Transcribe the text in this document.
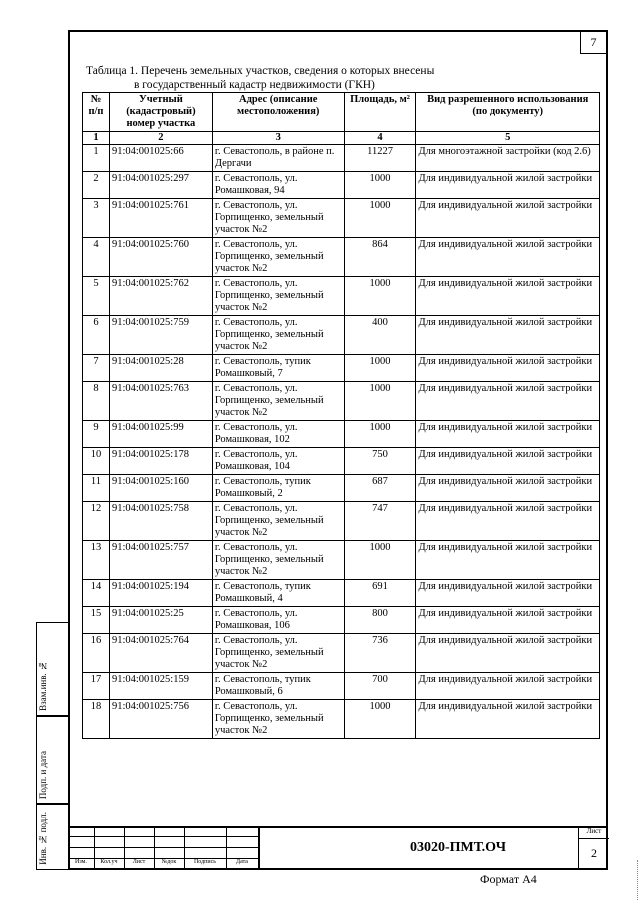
7
Таблица 1. Перечень земельных участков, сведения о которых внесены
в государственный кадастр недвижимости (ГКН)
№ п/п	Учетный (кадастровый) номер участка	Адрес (описание местоположения)	Площадь, м²	Вид разрешенного использования (по документу)
1	2	3	4	5
1	91:04:001025:66	г. Севастополь, в районе п. Дергачи	11227	Для многоэтажной застройки (код 2.6)
2	91:04:001025:297	г. Севастополь, ул. Ромашковая, 94	1000	Для индивидуальной жилой застройки
3	91:04:001025:761	г. Севастополь, ул. Горпищенко, земельный участок №2	1000	Для индивидуальной жилой застройки
4	91:04:001025:760	г. Севастополь, ул. Горпищенко, земельный участок №2	864	Для индивидуальной жилой застройки
5	91:04:001025:762	г. Севастополь, ул. Горпищенко, земельный участок №2	1000	Для индивидуальной жилой застройки
6	91:04:001025:759	г. Севастополь, ул. Горпищенко, земельный участок №2	400	Для индивидуальной жилой застройки
7	91:04:001025:28	г. Севастополь, тупик Ромашковый, 7	1000	Для индивидуальной жилой застройки
8	91:04:001025:763	г. Севастополь, ул. Горпищенко, земельный участок №2	1000	Для индивидуальной жилой застройки
9	91:04:001025:99	г. Севастополь, ул. Ромашковая, 102	1000	Для индивидуальной жилой застройки
10	91:04:001025:178	г. Севастополь, ул. Ромашковая, 104	750	Для индивидуальной жилой застройки
11	91:04:001025:160	г. Севастополь, тупик Ромашковый, 2	687	Для индивидуальной жилой застройки
12	91:04:001025:758	г. Севастополь, ул. Горпищенко, земельный участок №2	747	Для индивидуальной жилой застройки
13	91:04:001025:757	г. Севастополь, ул. Горпищенко, земельный участок №2	1000	Для индивидуальной жилой застройки
14	91:04:001025:194	г. Севастополь, тупик Ромашковый, 4	691	Для индивидуальной жилой застройки
15	91:04:001025:25	г. Севастополь, ул. Ромашковая, 106	800	Для индивидуальной жилой застройки
16	91:04:001025:764	г. Севастополь, ул. Горпищенко, земельный участок №2	736	Для индивидуальной жилой застройки
17	91:04:001025:159	г. Севастополь, тупик Ромашковый, 6	700	Для индивидуальной жилой застройки
18	91:04:001025:756	г. Севастополь, ул. Горпищенко, земельный участок №2	1000	Для индивидуальной жилой застройки
Взам.инв. №
Подп. и дата
Инв. № подл.	Изм.	Кол.уч	Лист	№док	Подпись	Дата
03020-ПМТ.ОЧ
Лист
2
Формат А4
